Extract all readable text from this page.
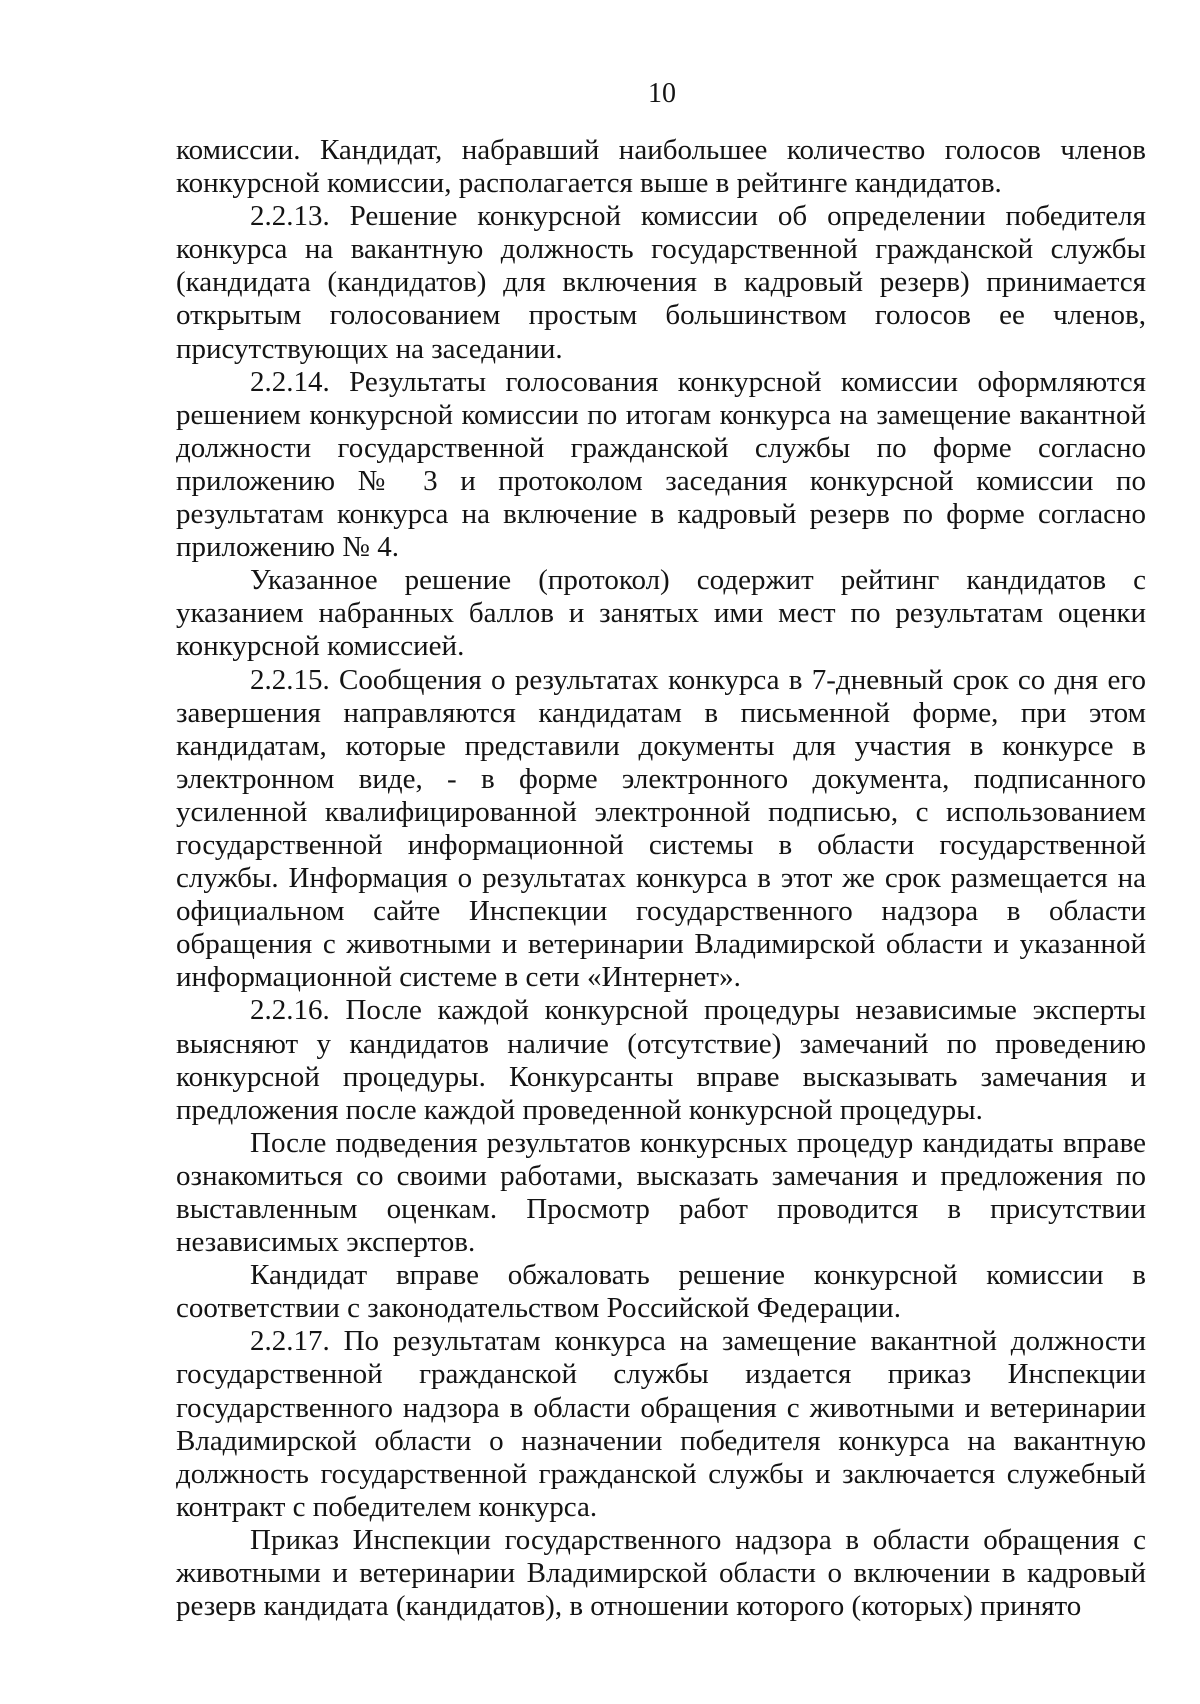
10

комиссии. Кандидат, набравший наибольшее количество голосов членов конкурсной комиссии, располагается выше в рейтинге кандидатов.

2.2.13. Решение конкурсной комиссии об определении победителя конкурса на вакантную должность государственной гражданской службы (кандидата (кандидатов) для включения в кадровый резерв) принимается открытым голосованием простым большинством голосов ее членов, присутствующих на заседании.

2.2.14. Результаты голосования конкурсной комиссии оформляются решением конкурсной комиссии по итогам конкурса на замещение вакантной должности государственной гражданской службы по форме согласно приложению № 3 и протоколом заседания конкурсной комиссии по результатам конкурса на включение в кадровый резерв по форме согласно приложению № 4.

Указанное решение (протокол) содержит рейтинг кандидатов с указанием набранных баллов и занятых ими мест по результатам оценки конкурсной комиссией.

2.2.15. Сообщения о результатах конкурса в 7-дневный срок со дня его завершения направляются кандидатам в письменной форме, при этом кандидатам, которые представили документы для участия в конкурсе в электронном виде, - в форме электронного документа, подписанного усиленной квалифицированной электронной подписью, с использованием государственной информационной системы в области государственной службы. Информация о результатах конкурса в этот же срок размещается на официальном сайте Инспекции государственного надзора в области обращения с животными и ветеринарии Владимирской области и указанной информационной системе в сети «Интернет».

2.2.16. После каждой конкурсной процедуры независимые эксперты выясняют у кандидатов наличие (отсутствие) замечаний по проведению конкурсной процедуры. Конкурсанты вправе высказывать замечания и предложения после каждой проведенной конкурсной процедуры.

После подведения результатов конкурсных процедур кандидаты вправе ознакомиться со своими работами, высказать замечания и предложения по выставленным оценкам. Просмотр работ проводится в присутствии независимых экспертов.

Кандидат вправе обжаловать решение конкурсной комиссии в соответствии с законодательством Российской Федерации.

2.2.17. По результатам конкурса на замещение вакантной должности государственной гражданской службы издается приказ Инспекции государственного надзора в области обращения с животными и ветеринарии Владимирской области о назначении победителя конкурса на вакантную должность государственной гражданской службы и заключается служебный контракт с победителем конкурса.

Приказ Инспекции государственного надзора в области обращения с животными и ветеринарии Владимирской области о включении в кадровый резерв кандидата (кандидатов), в отношении которого (которых) принято
